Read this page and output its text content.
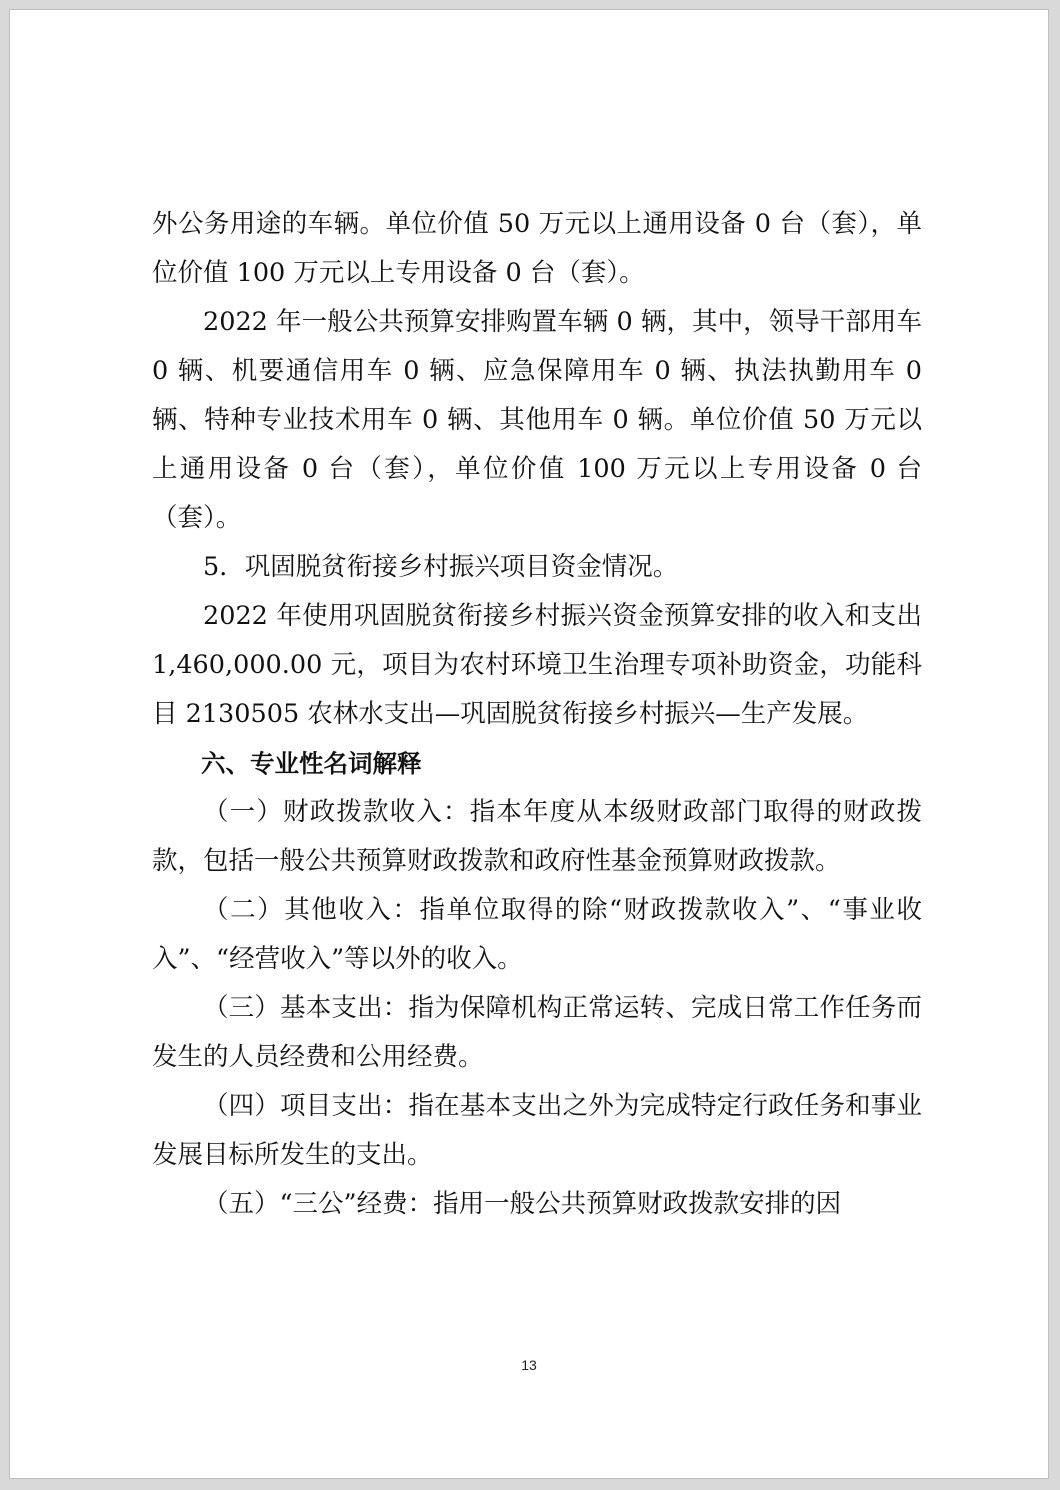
外公务用途的车辆。单位价值 50 万元以上通用设备 0 台（套），单位价值 100 万元以上专用设备 0 台（套）。

2022 年一般公共预算安排购置车辆 0 辆，其中，领导干部用车 0 辆、机要通信用车 0 辆、应急保障用车 0 辆、执法执勤用车 0 辆、特种专业技术用车 0 辆、其他用车 0 辆。单位价值 50 万元以上通用设备 0 台（套），单位价值 100 万元以上专用设备 0 台（套）。

5．巩固脱贫衔接乡村振兴项目资金情况。

2022 年使用巩固脱贫衔接乡村振兴资金预算安排的收入和支出 1,460,000.00 元，项目为农村环境卫生治理专项补助资金，功能科目 2130505 农林水支出—巩固脱贫衔接乡村振兴—生产发展。

六、专业性名词解释

（一）财政拨款收入：指本年度从本级财政部门取得的财政拨款，包括一般公共预算财政拨款和政府性基金预算财政拨款。

（二）其他收入：指单位取得的除“财政拨款收入”、“事业收入”、“经营收入”等以外的收入。

（三）基本支出：指为保障机构正常运转、完成日常工作任务而发生的人员经费和公用经费。

（四）项目支出：指在基本支出之外为完成特定行政任务和事业发展目标所发生的支出。

（五）“三公”经费：指用一般公共预算财政拨款安排的因

13
